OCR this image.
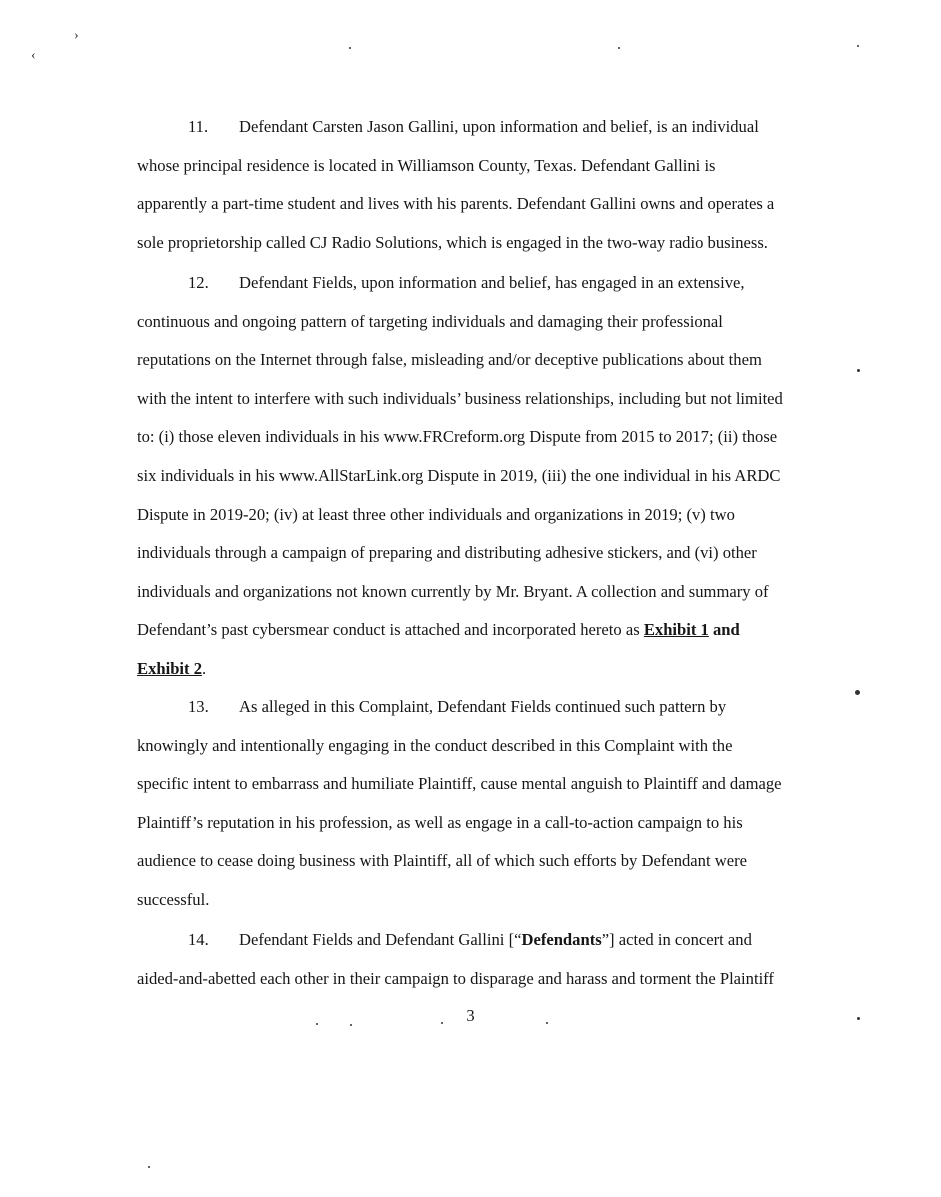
11. Defendant Carsten Jason Gallini, upon information and belief, is an individual
whose principal residence is located in Williamson County, Texas. Defendant Gallini is
apparently a part-time student and lives with his parents. Defendant Gallini owns and operates a
sole proprietorship called CJ Radio Solutions, which is engaged in the two-way radio business.
12. Defendant Fields, upon information and belief, has engaged in an extensive,
continuous and ongoing pattern of targeting individuals and damaging their professional
reputations on the Internet through false, misleading and/or deceptive publications about them
with the intent to interfere with such individuals’ business relationships, including but not limited
to: (i) those eleven individuals in his www.FRCreform.org Dispute from 2015 to 2017; (ii) those
six individuals in his www.AllStarLink.org Dispute in 2019, (iii) the one individual in his ARDC
Dispute in 2019-20; (iv) at least three other individuals and organizations in 2019; (v) two
individuals through a campaign of preparing and distributing adhesive stickers, and (vi) other
individuals and organizations not known currently by Mr. Bryant. A collection and summary of
Defendant’s past cybersmear conduct is attached and incorporated hereto as Exhibit 1 and
Exhibit 2.
13. As alleged in this Complaint, Defendant Fields continued such pattern by
knowingly and intentionally engaging in the conduct described in this Complaint with the
specific intent to embarrass and humiliate Plaintiff, cause mental anguish to Plaintiff and damage
Plaintiff’s reputation in his profession, as well as engage in a call-to-action campaign to his
audience to cease doing business with Plaintiff, all of which such efforts by Defendant were
successful.
14. Defendant Fields and Defendant Gallini [“Defendants”] acted in concert and
aided-and-abetted each other in their campaign to disparage and harass and torment the Plaintiff
3
›
‹
